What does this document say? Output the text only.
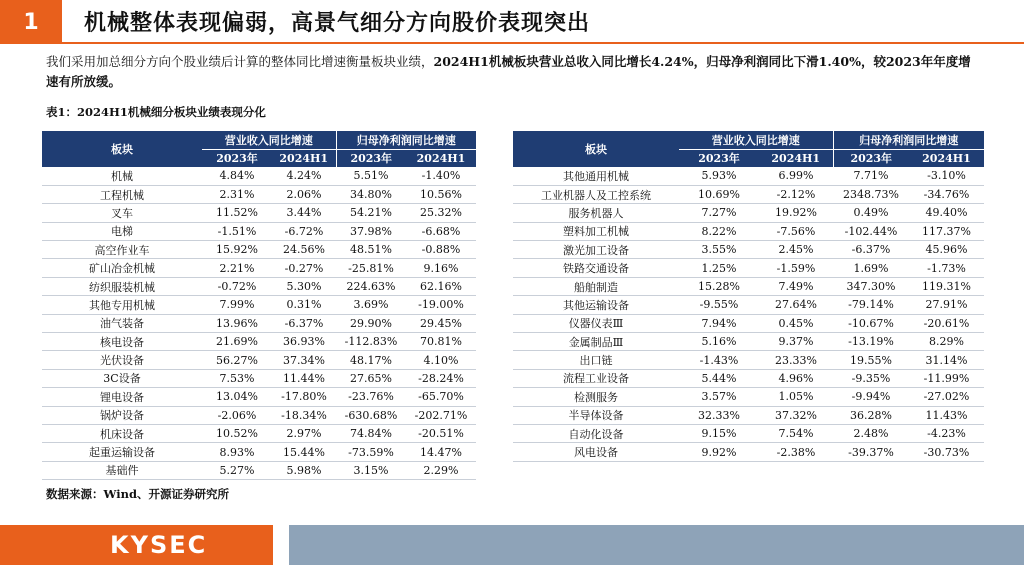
1	机械整体表现偏弱，高景气细分方向股价表现突出
我们采用加总细分方向个股业绩后计算的整体同比增速衡量板块业绩，2024H1机械板块营业总收入同比增长4.24%，归母净利润同比下滑1.40%，较2023年年度增速有所放缓。
表1：2024H1机械细分板块业绩表现分化
板块	营业收入同比增速		归母净利润同比增速	
	2023年	2024H1	2023年	2024H1
机械	4.84%	4.24%	5.51%	-1.40%
工程机械	2.31%	2.06%	34.80%	10.56%
叉车	11.52%	3.44%	54.21%	25.32%
电梯	-1.51%	-6.72%	37.98%	-6.68%
高空作业车	15.92%	24.56%	48.51%	-0.88%
矿山冶金机械	2.21%	-0.27%	-25.81%	9.16%
纺织服装机械	-0.72%	5.30%	224.63%	62.16%
其他专用机械	7.99%	0.31%	3.69%	-19.00%
油气装备	13.96%	-6.37%	29.90%	29.45%
核电设备	21.69%	36.93%	-112.83%	70.81%
光伏设备	56.27%	37.34%	48.17%	4.10%
3C设备	7.53%	11.44%	27.65%	-28.24%
锂电设备	13.04%	-17.80%	-23.76%	-65.70%
锅炉设备	-2.06%	-18.34%	-630.68%	-202.71%
机床设备	10.52%	2.97%	74.84%	-20.51%
起重运输设备	8.93%	15.44%	-73.59%	14.47%
基础件	5.27%	5.98%	3.15%	2.29%
板块	营业收入同比增速		归母净利润同比增速	
	2023年	2024H1	2023年	2024H1
其他通用机械	5.93%	6.99%	7.71%	-3.10%
工业机器人及工控系统	10.69%	-2.12%	2348.73%	-34.76%
服务机器人	7.27%	19.92%	0.49%	49.40%
塑料加工机械	8.22%	-7.56%	-102.44%	117.37%
激光加工设备	3.55%	2.45%	-6.37%	45.96%
铁路交通设备	1.25%	-1.59%	1.69%	-1.73%
船舶制造	15.28%	7.49%	347.30%	119.31%
其他运输设备	-9.55%	27.64%	-79.14%	27.91%
仪器仪表Ⅲ	7.94%	0.45%	-10.67%	-20.61%
金属制品Ⅲ	5.16%	9.37%	-13.19%	8.29%
出口链	-1.43%	23.33%	19.55%	31.14%
流程工业设备	5.44%	4.96%	-9.35%	-11.99%
检测服务	3.57%	1.05%	-9.94%	-27.02%
半导体设备	32.33%	37.32%	36.28%	11.43%
自动化设备	9.15%	7.54%	2.48%	-4.23%
风电设备	9.92%	-2.38%	-39.37%	-30.73%
数据来源：Wind、开源证券研究所
KYSEC
